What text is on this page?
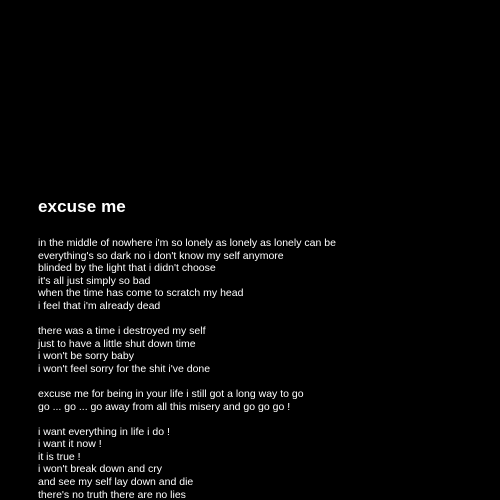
excuse me
in the middle of nowhere i'm so lonely as lonely as lonely can be
everything's so dark no i don't know my self anymore
blinded by the light that i didn't choose
it's all just simply so bad
when the time has come to scratch my head
i feel that i'm already dead
there was a time i destroyed my self
just to have a little shut down time
i won't be sorry baby
i won't feel sorry for the shit i've done
excuse me for being in your life i still got a long way to go
go ... go ... go away from all this misery and go go go !
i want everything in life i do !
i want it now !
it is true !
i won't break down and cry
and see my self lay down and die
there's no truth there are no lies
